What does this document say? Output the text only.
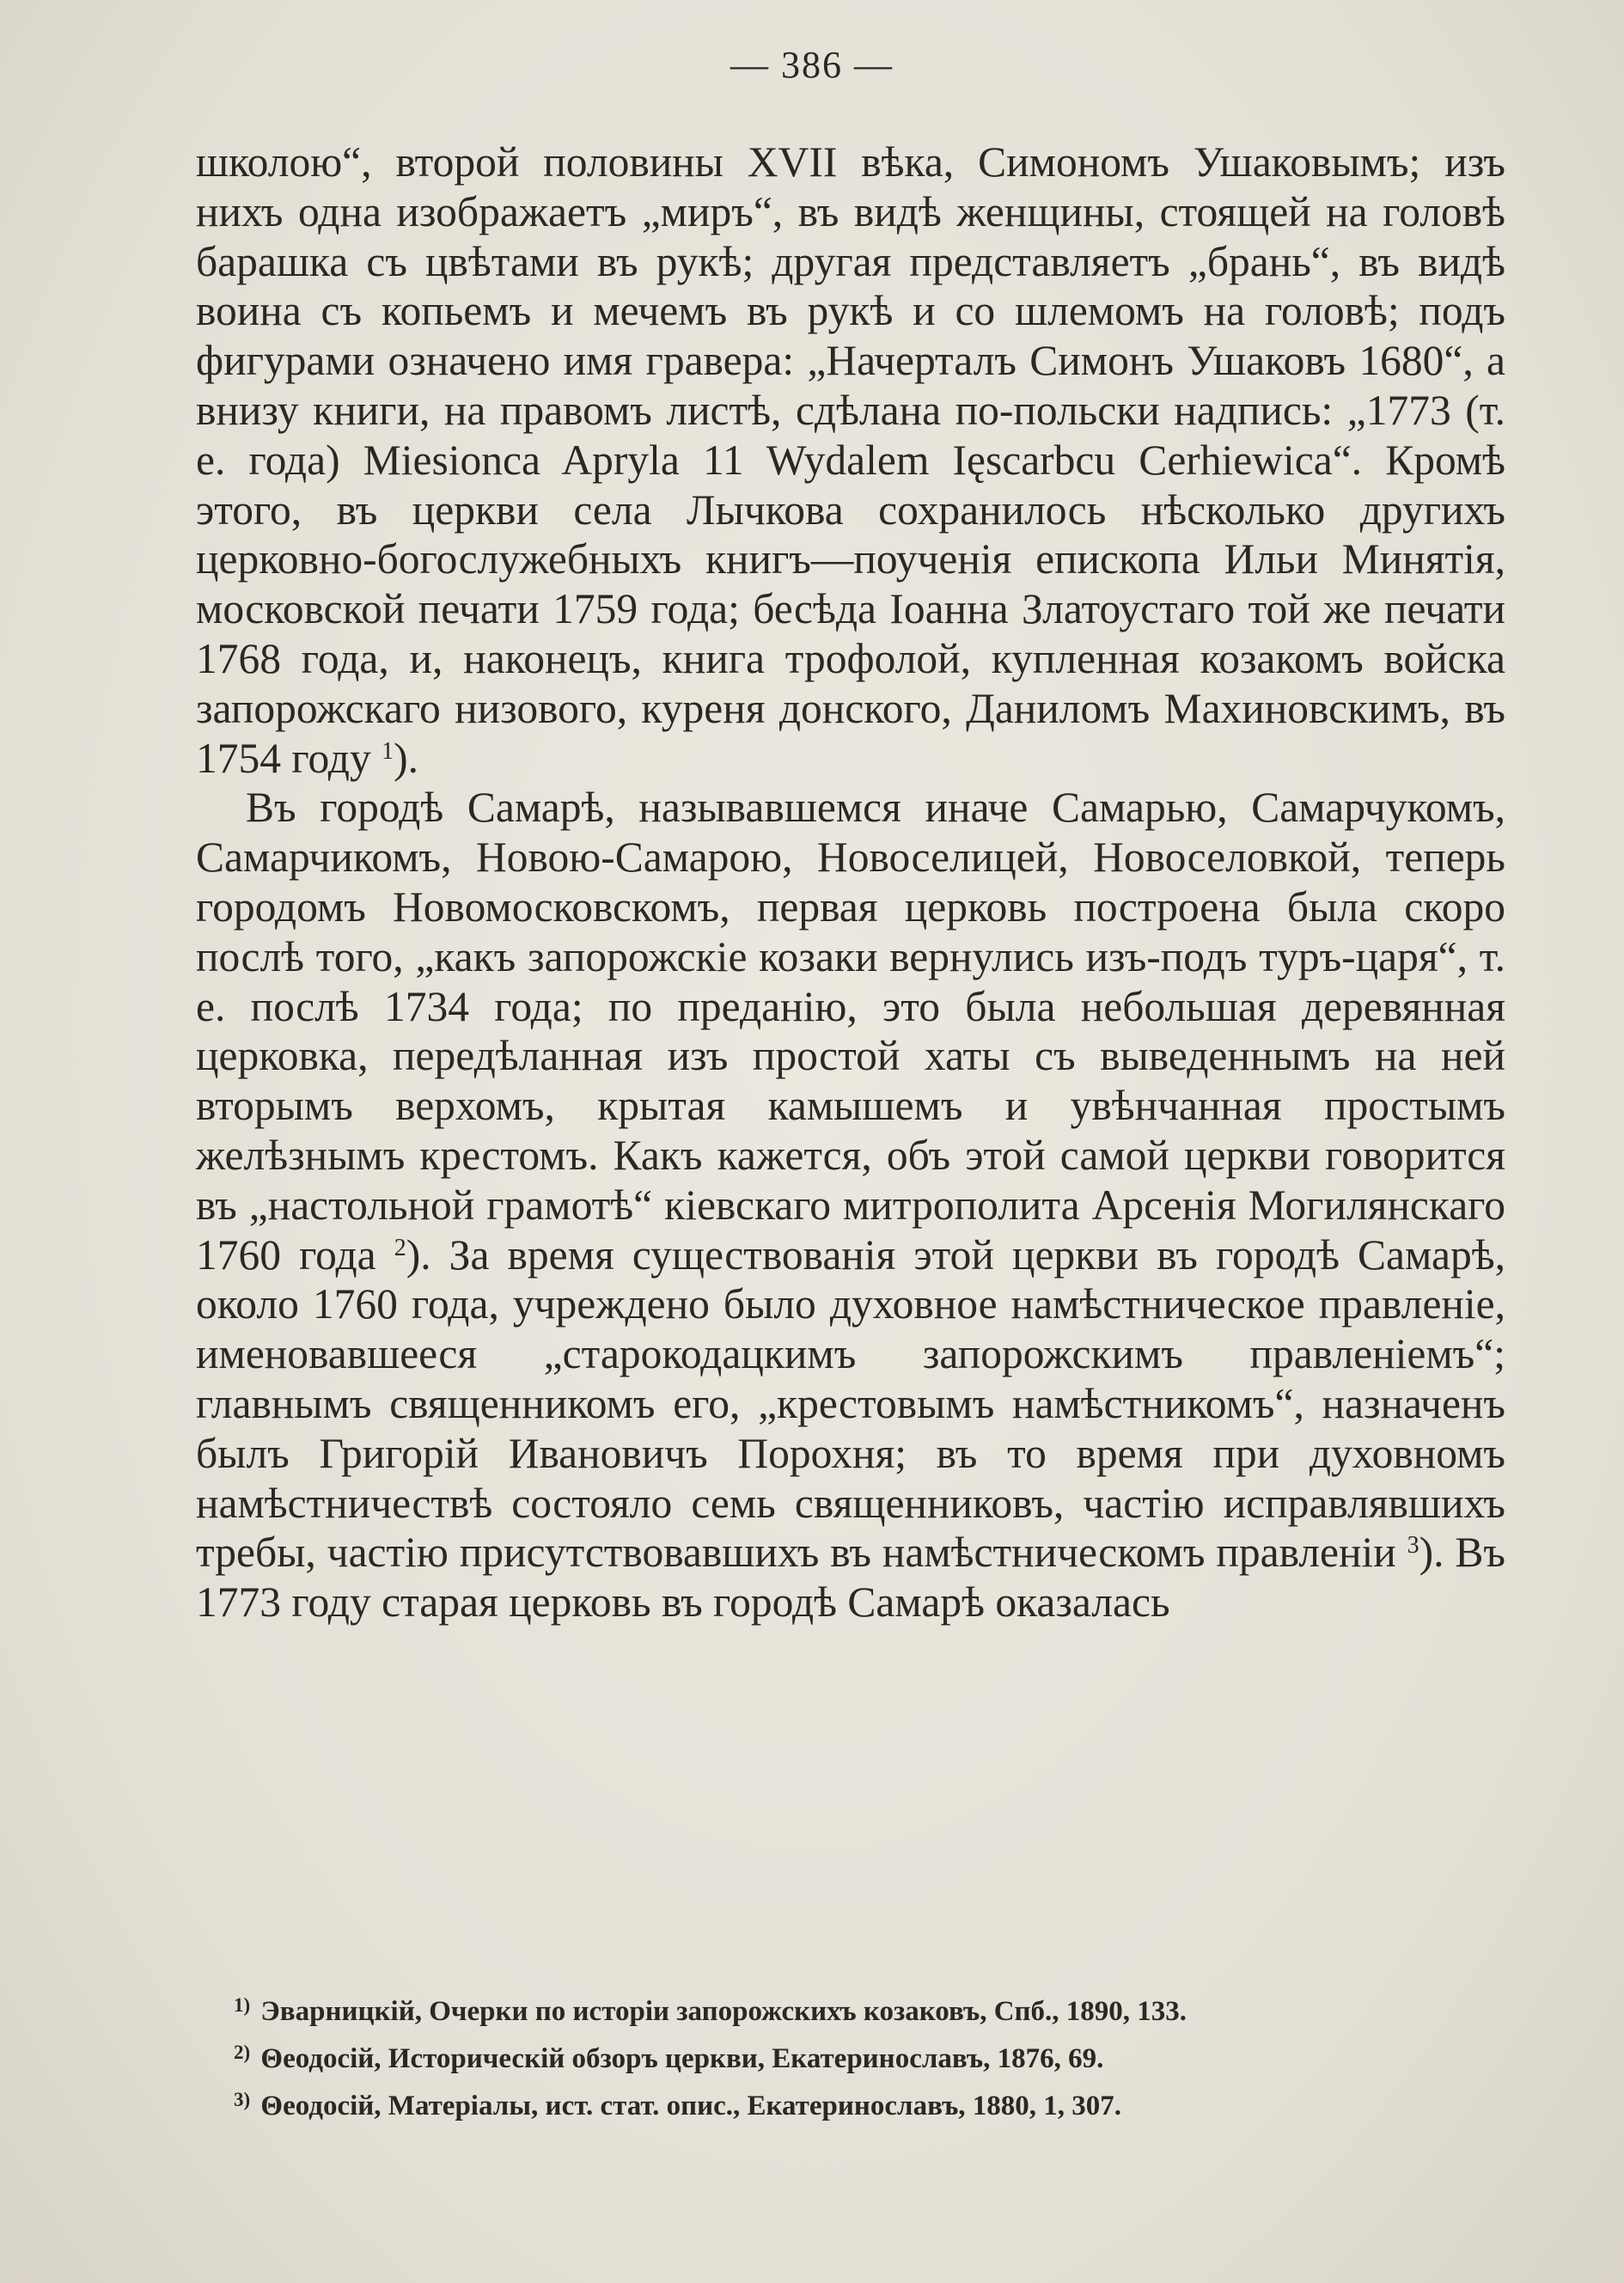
— 386 —

школою“, второй половины XVII вѣка, Симономъ Ушаковымъ; изъ нихъ одна изображаетъ „миръ“, въ видѣ женщины, стоящей на головѣ барашка съ цвѣтами въ рукѣ; другая представляетъ „брань“, въ видѣ воина съ копьемъ и мечемъ въ рукѣ и со шлемомъ на головѣ; подъ фигурами означено имя гравера: „Начерталъ Симонъ Ушаковъ 1680“, а внизу книги, на правомъ листѣ, сдѣлана по-польски надпись: „1773 (т. е. года) Miesionca Apryla 11 Wydalem Ięscarbcu Cerhiewica“. Кромѣ этого, въ церкви села Лычкова сохранилось нѣсколько другихъ церковно-богослужебныхъ книгъ—поученія епископа Ильи Минятія, московской печати 1759 года; бесѣда Іоанна Златоустаго той же печати 1768 года, и, наконецъ, книга трофолой, купленная козакомъ войска запорожскаго низового, куреня донского, Даниломъ Махиновскимъ, въ 1754 году $^1$).

Въ городѣ Самарѣ, называвшемся иначе Самарью, Самарчукомъ, Самарчикомъ, Новою-Самарою, Новоселицей, Новоселовкой, теперь городомъ Новомосковскомъ, первая церковь построена была скоро послѣ того, „какъ запорожскіе козаки вернулись изъ-подъ туръ-царя“, т. е. послѣ 1734 года; по преданію, это была небольшая деревянная церковка, передѣланная изъ простой хаты съ выведеннымъ на ней вторымъ верхомъ, крытая камышемъ и увѣнчанная простымъ желѣзнымъ крестомъ. Какъ кажется, объ этой самой церкви говорится въ „настольной грамотѣ“ кіевскаго митрополита Арсенія Могилянскаго 1760 года $^2$). За время существованія этой церкви въ городѣ Самарѣ, около 1760 года, учреждено было духовное намѣстническое правленіе, именовавшееся „старокодацкимъ запорожскимъ правленіемъ“; главнымъ священникомъ его, „крестовымъ намѣстникомъ“, назначенъ былъ Григорій Ивановичъ Порохня; въ то время при духовномъ намѣстничествѣ состояло семь священниковъ, частію исправлявшихъ требы, частію присутствовавшихъ въ намѣстническомъ правленіи $^3$). Въ 1773 году старая церковь въ городѣ Самарѣ оказалась

$^{1)}$ Эварницкій, Очерки по исторіи запорожскихъ козаковъ, Спб., 1890, 133.

$^{2)}$ Θеодосій, Историческій обзоръ церкви, Екатеринославъ, 1876, 69.

$^{3)}$ Θеодосій, Матеріалы, ист. стат. опис., Екатеринославъ, 1880, 1, 307.
